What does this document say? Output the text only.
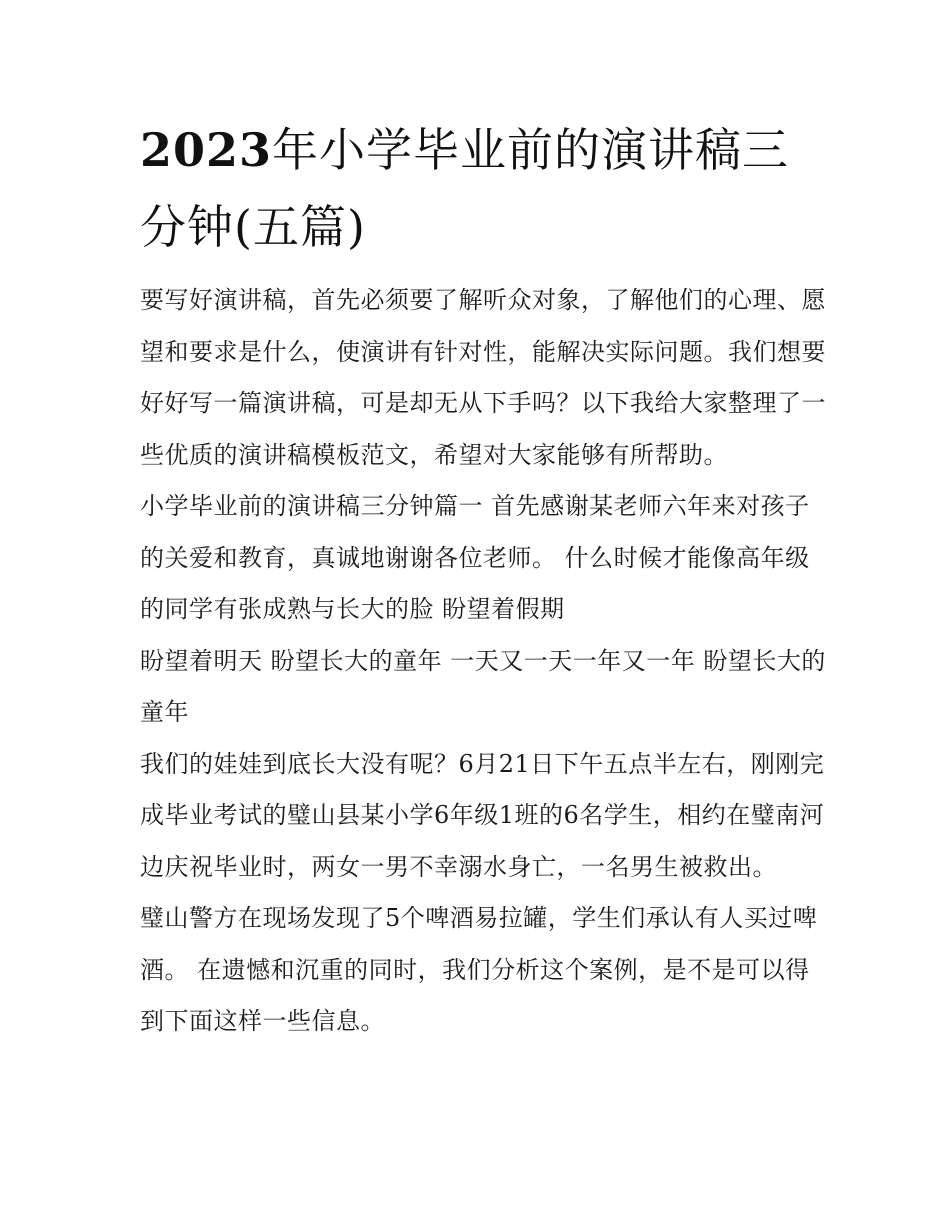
2023年小学毕业前的演讲稿三
分钟(五篇)

要写好演讲稿，首先必须要了解听众对象，了解他们的心理、愿望和要求是什么，使演讲有针对性，能解决实际问题。我们想要好好写一篇演讲稿，可是却无从下手吗？以下我给大家整理了一些优质的演讲稿模板范文，希望对大家能够有所帮助。

小学毕业前的演讲稿三分钟篇一 首先感谢某老师六年来对孩子的关爱和教育，真诚地谢谢各位老师。 什么时候才能像高年级的同学有张成熟与长大的脸 盼望着假期

盼望着明天 盼望长大的童年 一天又一天一年又一年 盼望长大的童年

我们的娃娃到底长大没有呢？6月21日下午五点半左右，刚刚完成毕业考试的璧山县某小学6年级1班的6名学生，相约在璧南河边庆祝毕业时，两女一男不幸溺水身亡，一名男生被救出。

璧山警方在现场发现了5个啤酒易拉罐，学生们承认有人买过啤酒。 在遗憾和沉重的同时，我们分析这个案例，是不是可以得到下面这样一些信息。
